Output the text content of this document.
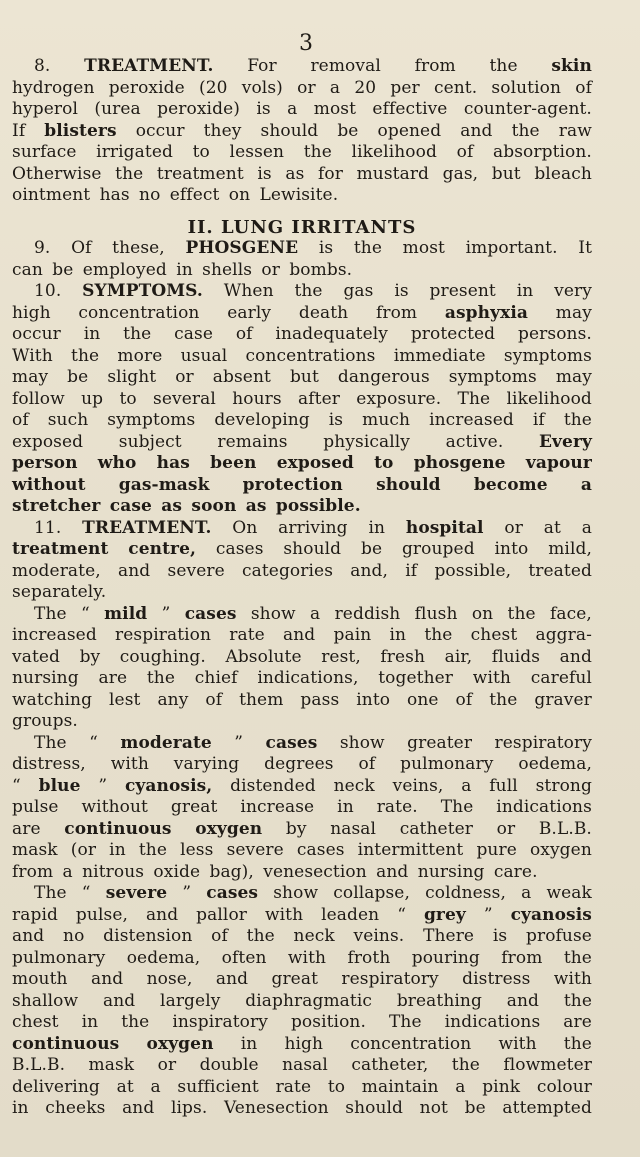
3
8. TREATMENT. For removal from the skin
hydrogen peroxide (20 vols) or a 20 per cent. solution of
hyperol (urea peroxide) is a most effective counter-agent.
If blisters occur they should be opened and the raw
surface irrigated to lessen the likelihood of absorption.
Otherwise the treatment is as for mustard gas, but bleach
ointment has no effect on Lewisite.
II. LUNG IRRITANTS
9. Of these, PHOSGENE is the most important. It
can be employed in shells or bombs.
10. SYMPTOMS. When the gas is present in very
high concentration early death from asphyxia may
occur in the case of inadequately protected persons.
With the more usual concentrations immediate symptoms
may be slight or absent but dangerous symptoms may
follow up to several hours after exposure. The likelihood
of such symptoms developing is much increased if the
exposed subject remains physically active. Every
person who has been exposed to phosgene vapour
without gas-mask protection should become a
stretcher case as soon as possible.
11. TREATMENT. On arriving in hospital or at a
treatment centre, cases should be grouped into mild,
moderate, and severe categories and, if possible, treated
separately.
The “ mild ” cases show a reddish flush on the face,
increased respiration rate and pain in the chest aggra-
vated by coughing. Absolute rest, fresh air, fluids and
nursing are the chief indications, together with careful
watching lest any of them pass into one of the graver
groups.
The “ moderate ” cases show greater respiratory
distress, with varying degrees of pulmonary oedema,
“ blue ” cyanosis, distended neck veins, a full strong
pulse without great increase in rate. The indications
are continuous oxygen by nasal catheter or B.L.B.
mask (or in the less severe cases intermittent pure oxygen
from a nitrous oxide bag), venesection and nursing care.
The “ severe ” cases show collapse, coldness, a weak
rapid pulse, and pallor with leaden “ grey ” cyanosis
and no distension of the neck veins. There is profuse
pulmonary oedema, often with froth pouring from the
mouth and nose, and great respiratory distress with
shallow and largely diaphragmatic breathing and the
chest in the inspiratory position. The indications are
continuous oxygen in high concentration with the
B.L.B. mask or double nasal catheter, the flowmeter
delivering at a sufficient rate to maintain a pink colour
in cheeks and lips. Venesection should not be attempted
